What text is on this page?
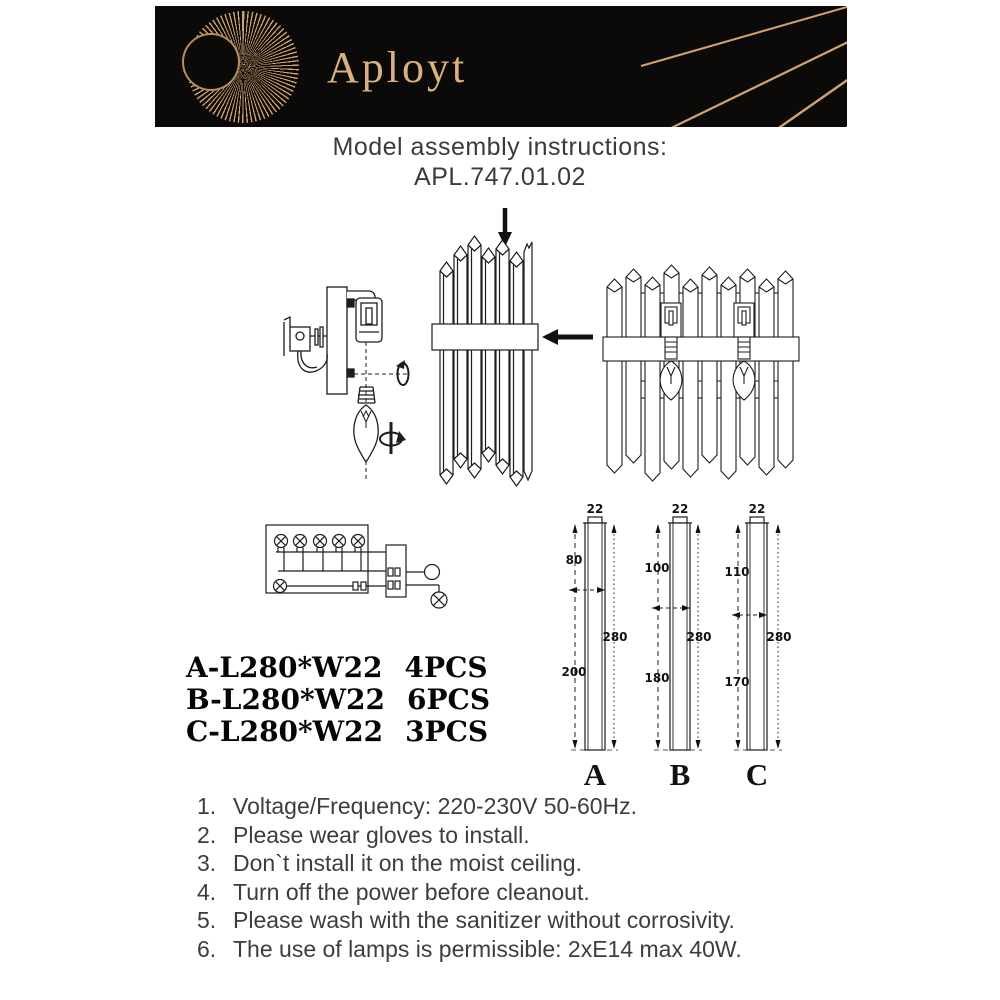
Aployt
Model assembly instructions:
APL.747.01.02
A-L280*W22 4PCS
B-L280*W22 6PCS
C-L280*W22 3PCS
22
80
200
280
A
22
100
180
280
B
22
110
170
280
C
1. Voltage/Frequency: 220-230V 50-60Hz.
2. Please wear gloves to install.
3. Don`t install it on the moist ceiling.
4. Turn off the power before cleanout.
5. Please wash with the sanitizer without corrosivity.
6. The use of lamps is permissible: 2xE14 max 40W.
